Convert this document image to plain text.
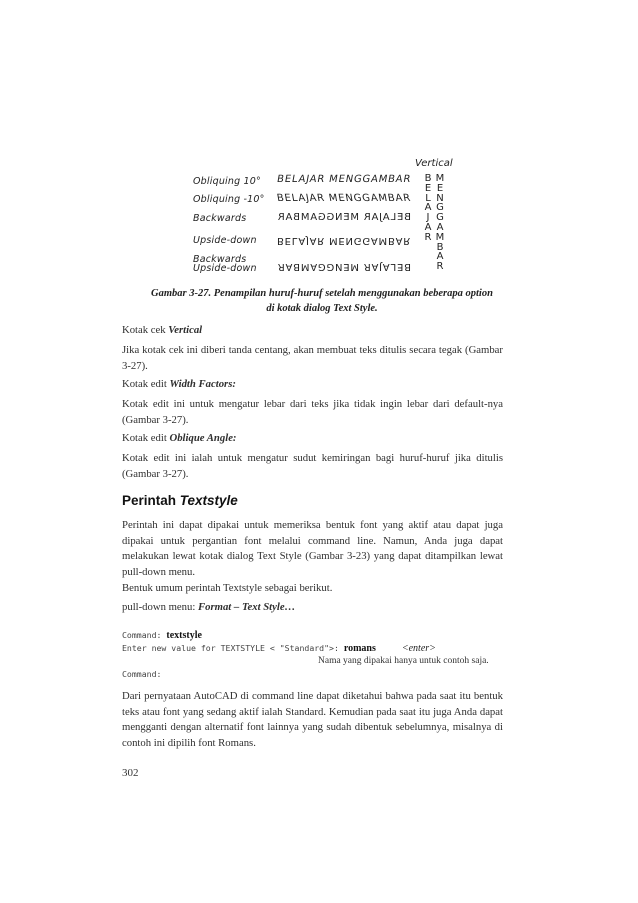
Vertical
Obliquing 10° BELAJAR MENGGAMBAR
Obliquing -10° BELAJAR MENGGAMBAR
Backwards	BELAJAR MENGGAMBAR
Upside-down BELAJAR MENGGAMBAR
Backwards
Upside-down BELAJAR MENGGAMBAR
B
E
L
A
J
A
R
M
E
N
G
G
A
M
B
A
R
Gambar 3-27. Penampilan huruf-huruf setelah menggunakan beberapa option
di kotak dialog Text Style.
Kotak cek Vertical
Jika kotak cek ini diberi tanda centang, akan membuat teks ditulis secara tegak (Gambar 3-27).
Kotak edit Width Factors:
Kotak edit ini untuk mengatur lebar dari teks jika tidak ingin lebar dari default-nya (Gambar 3-27).
Kotak edit Oblique Angle:
Kotak edit ini ialah untuk mengatur sudut kemiringan bagi huruf-huruf jika ditulis (Gambar 3-27).
Perintah Textstyle
Perintah ini dapat dipakai untuk memeriksa bentuk font yang aktif atau dapat juga dipakai untuk pergantian font melalui command line. Namun, Anda juga dapat melakukan lewat kotak dialog Text Style (Gambar 3-23) yang dapat ditampilkan lewat pull-down menu.
Bentuk umum perintah Textstyle sebagai berikut.
pull-down menu: Format – Text Style…
Command: textstyle
Enter new value for TEXTSTYLE < "Standard">: romans	<enter>
Nama yang dipakai hanya untuk contoh saja.
Command:
Dari pernyataan AutoCAD di command line dapat diketahui bahwa pada saat itu bentuk teks atau font yang sedang aktif ialah Standard. Kemudian pada saat itu juga Anda dapat mengganti dengan alternatif font lainnya yang sudah dibentuk sebelumnya, misalnya di contoh ini dipilih font Romans.
302
